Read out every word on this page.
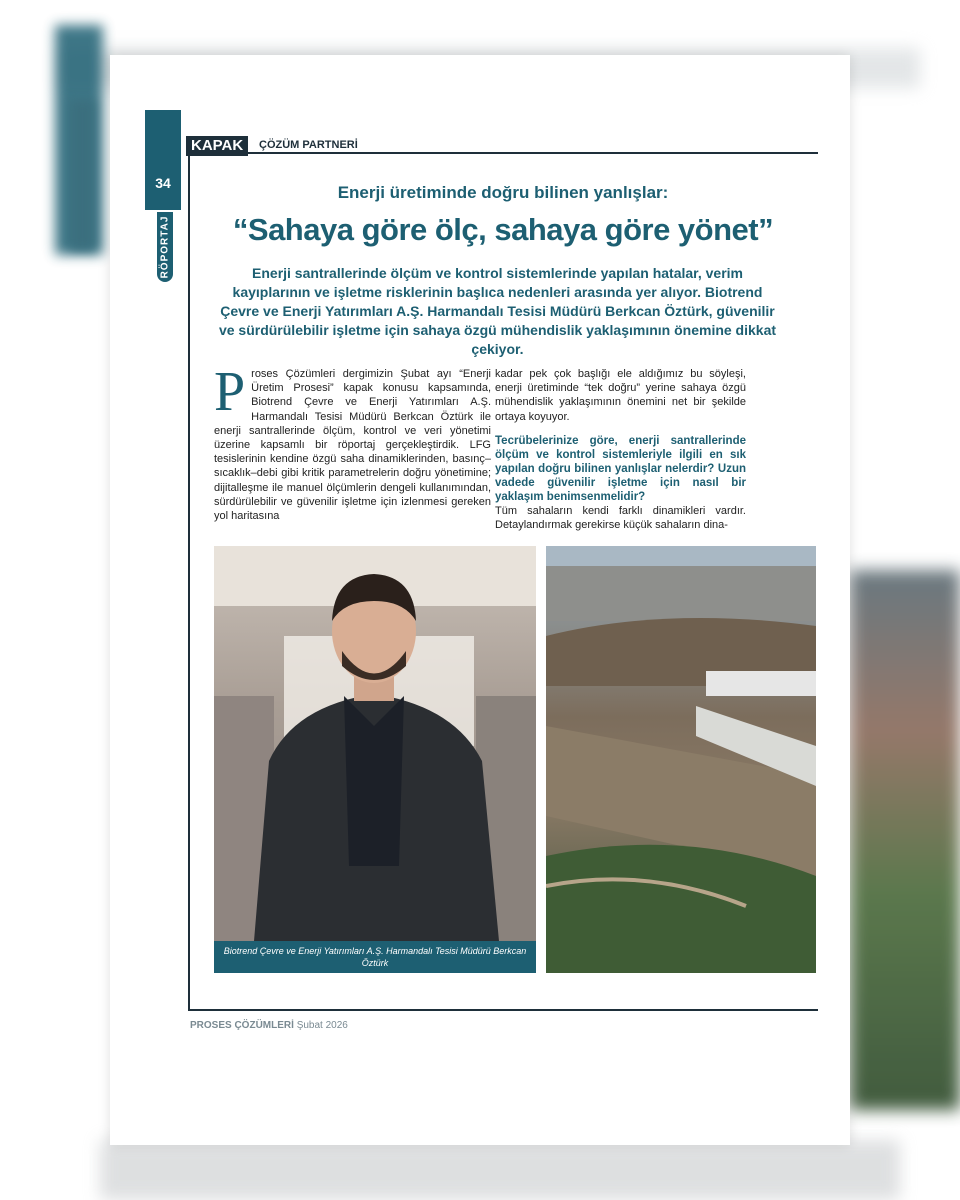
34
RÖPORTAJ
KAPAK	ÇÖZÜM PARTNERİ
Enerji üretiminde doğru bilinen yanlışlar:
“Sahaya göre ölç, sahaya göre yönet”
Enerji santrallerinde ölçüm ve kontrol sistemlerinde yapılan hatalar, verim kayıplarının ve işletme risklerinin başlıca nedenleri arasında yer alıyor. Biotrend Çevre ve Enerji Yatırımları A.Ş. Harmandalı Tesisi Müdürü Berkcan Öztürk, güvenilir ve sürdürülebilir işletme için sahaya özgü mühendislik yaklaşımının önemine dikkat çekiyor.
Proses Çözümleri dergimizin Şubat ayı “Enerji Üretim Prosesi” kapak konusu kapsamında, Biotrend Çevre ve Enerji Yatırımları A.Ş. Harmandalı Tesisi Müdürü Berkcan Öztürk ile enerji santrallerinde ölçüm, kontrol ve veri yönetimi üzerine kapsamlı bir röportaj gerçekleştirdik. LFG tesislerinin kendine özgü saha dinamiklerinden, basınç–sıcaklık–debi gibi kritik parametrelerin doğru yönetimine; dijitalleşme ile manuel ölçümlerin dengeli kullanımından, sürdürülebilir ve güvenilir işletme için izlenmesi gereken yol haritasına
kadar pek çok başlığı ele aldığımız bu söyleşi, enerji üretiminde “tek doğru” yerine sahaya özgü mühendislik yaklaşımının önemini net bir şekilde ortaya koyuyor.
Tecrübelerinize göre, enerji santrallerinde ölçüm ve kontrol sistemleriyle ilgili en sık yapılan doğru bilinen yanlışlar nelerdir? Uzun vadede güvenilir işletme için nasıl bir yaklaşım benimsenmelidir?
Tüm sahaların kendi farklı dinamikleri vardır. Detaylandırmak gerekirse küçük sahaların dina-
Biotrend Çevre ve Enerji Yatırımları A.Ş. Harmandalı Tesisi Müdürü Berkcan Öztürk
PROSES ÇÖZÜMLERİ Şubat 2026
